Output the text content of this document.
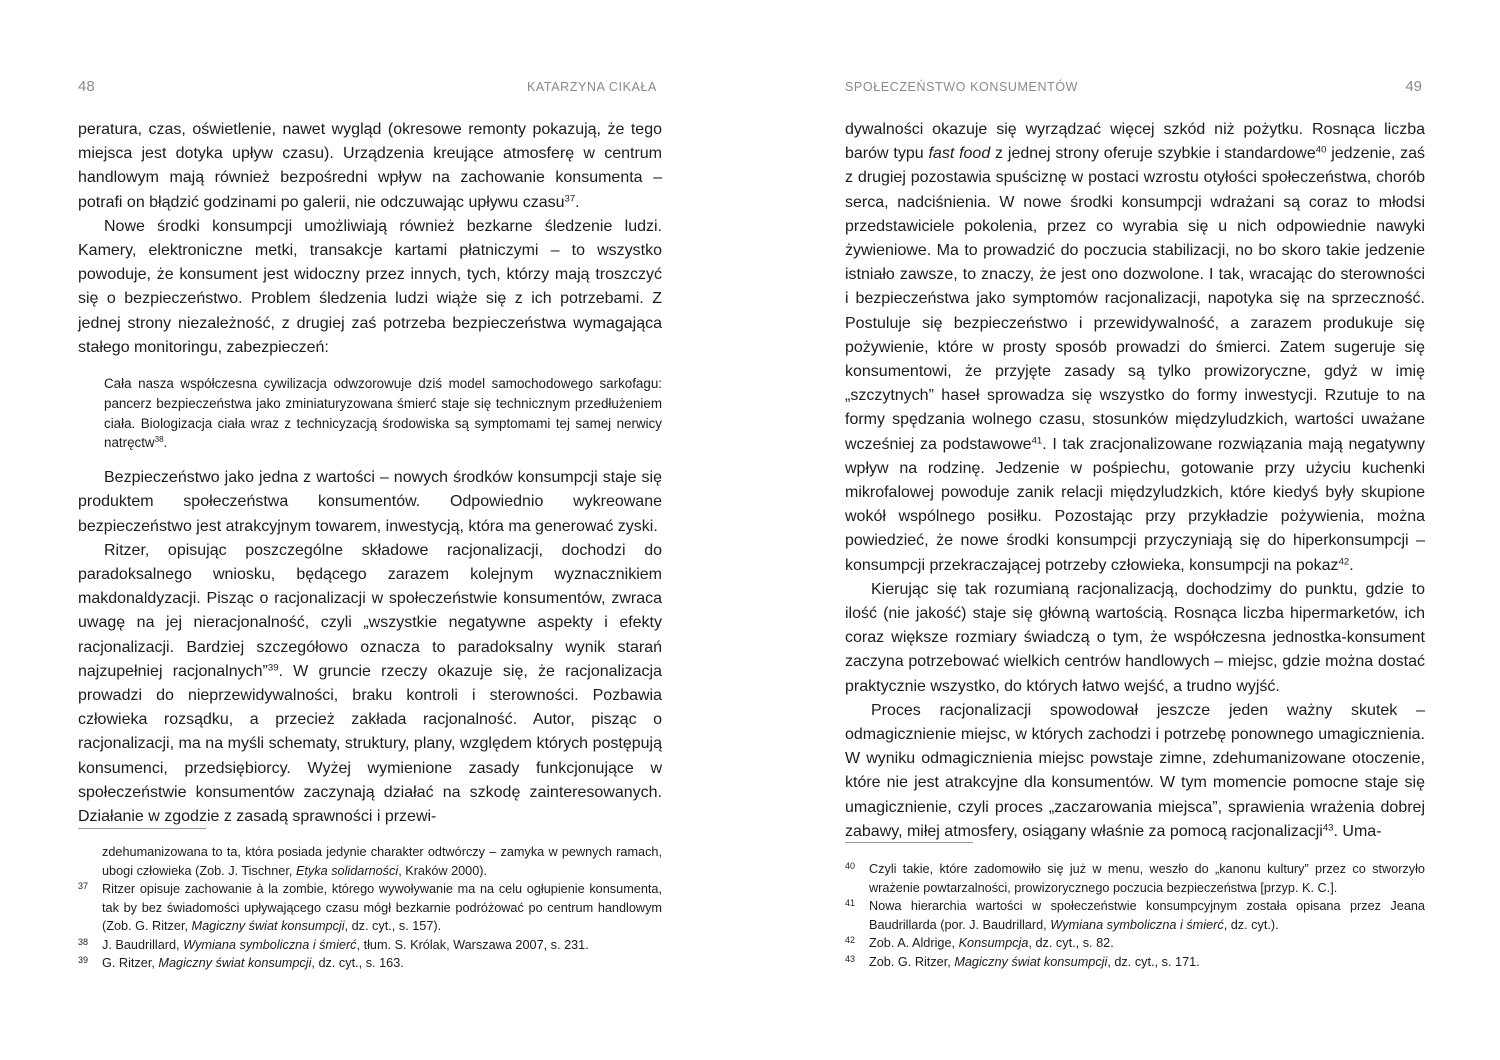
48	KATARZYNA CIKAŁA

peratura, czas, oświetlenie, nawet wygląd (okresowe remonty pokazują, że tego miejsca jest dotyka upływ czasu). Urządzenia kreujące atmosferę w centrum handlowym mają również bezpośredni wpływ na zachowanie konsumenta – potrafi on błądzić godzinami po galerii, nie odczuwając upływu czasu$^{37}$.

Nowe środki konsumpcji umożliwiają również bezkarne śledzenie ludzi. Kamery, elektroniczne metki, transakcje kartami płatniczymi – to wszystko powoduje, że konsument jest widoczny przez innych, tych, którzy mają troszczyć się o bezpieczeństwo. Problem śledzenia ludzi wiąże się z ich potrzebami. Z jednej strony niezależność, z drugiej zaś potrzeba bezpieczeństwa wymagająca stałego monitoringu, zabezpieczeń:

Cała nasza współczesna cywilizacja odwzorowuje dziś model samochodowego sarkofagu: pancerz bezpieczeństwa jako zminiaturyzowana śmierć staje się technicznym przedłużeniem ciała. Biologizacja ciała wraz z technicyzacją środowiska są symptomami tej samej nerwicy natręctw$^{38}$.

Bezpieczeństwo jako jedna z wartości – nowych środków konsumpcji staje się produktem społeczeństwa konsumentów. Odpowiednio wykreowane bezpieczeństwo jest atrakcyjnym towarem, inwestycją, która ma generować zyski.

Ritzer, opisując poszczególne składowe racjonalizacji, dochodzi do paradoksalnego wniosku, będącego zarazem kolejnym wyznacznikiem makdonaldyzacji. Pisząc o racjonalizacji w społeczeństwie konsumentów, zwraca uwagę na jej nieracjonalność, czyli „wszystkie negatywne aspekty i efekty racjonalizacji. Bardziej szczegółowo oznacza to paradoksalny wynik starań najzupełniej racjonalnych”$^{39}$. W gruncie rzeczy okazuje się, że racjonalizacja prowadzi do nieprzewidywalności, braku kontroli i sterowności. Pozbawia człowieka rozsądku, a przecież zakłada racjonalność. Autor, pisząc o racjonalizacji, ma na myśli schematy, struktury, plany, względem których postępują konsumenci, przedsiębiorcy. Wyżej wymienione zasady funkcjonujące w społeczeństwie konsumentów zaczynają działać na szkodę zainteresowanych. Działanie w zgodzie z zasadą sprawności i przewi-

zdehumanizowana to ta, która posiada jedynie charakter odtwórczy – zamyka w pewnych ramach, ubogi człowieka (Zob. J. Tischner, Etyka solidarności, Kraków 2000).
37 Ritzer opisuje zachowanie à la zombie, którego wywoływanie ma na celu ogłupienie konsumenta, tak by bez świadomości upływającego czasu mógł bezkarnie podróżować po centrum handlowym (Zob. G. Ritzer, Magiczny świat konsumpcji, dz. cyt., s. 157).
38 J. Baudrillard, Wymiana symboliczna i śmierć, tłum. S. Królak, Warszawa 2007, s. 231.
39 G. Ritzer, Magiczny świat konsumpcji, dz. cyt., s. 163.
SPOŁECZEŃSTWO KONSUMENTÓW	49

dywalności okazuje się wyrządzać więcej szkód niż pożytku. Rosnąca liczba barów typu fast food z jednej strony oferuje szybkie i standardowe$^{40}$ jedzenie, zaś z drugiej pozostawia spuściznę w postaci wzrostu otyłości społeczeństwa, chorób serca, nadciśnienia. W nowe środki konsumpcji wdrażani są coraz to młodsi przedstawiciele pokolenia, przez co wyrabia się u nich odpowiednie nawyki żywieniowe. Ma to prowadzić do poczucia stabilizacji, no bo skoro takie jedzenie istniało zawsze, to znaczy, że jest ono dozwolone. I tak, wracając do sterowności i bezpieczeństwa jako symptomów racjonalizacji, napotyka się na sprzeczność. Postuluje się bezpieczeństwo i przewidywalność, a zarazem produkuje się pożywienie, które w prosty sposób prowadzi do śmierci. Zatem sugeruje się konsumentowi, że przyjęte zasady są tylko prowizoryczne, gdyż w imię „szczytnych” haseł sprowadza się wszystko do formy inwestycji. Rzutuje to na formy spędzania wolnego czasu, stosunków międzyludzkich, wartości uważane wcześniej za podstawowe$^{41}$. I tak zracjonalizowane rozwiązania mają negatywny wpływ na rodzinę. Jedzenie w pośpiechu, gotowanie przy użyciu kuchenki mikrofalowej powoduje zanik relacji międzyludzkich, które kiedyś były skupione wokół wspólnego posiłku. Pozostając przy przykładzie pożywienia, można powiedzieć, że nowe środki konsumpcji przyczyniają się do hiperkonsumpcji – konsumpcji przekraczającej potrzeby człowieka, konsumpcji na pokaz$^{42}$.

Kierując się tak rozumianą racjonalizacją, dochodzimy do punktu, gdzie to ilość (nie jakość) staje się główną wartością. Rosnąca liczba hipermarketów, ich coraz większe rozmiary świadczą o tym, że współczesna jednostka-konsument zaczyna potrzebować wielkich centrów handlowych – miejsc, gdzie można dostać praktycznie wszystko, do których łatwo wejść, a trudno wyjść.

Proces racjonalizacji spowodował jeszcze jeden ważny skutek – odmagicznienie miejsc, w których zachodzi i potrzebę ponownego umagicznienia. W wyniku odmagicznienia miejsc powstaje zimne, zdehumanizowane otoczenie, które nie jest atrakcyjne dla konsumentów. W tym momencie pomocne staje się umagicznienie, czyli proces „zaczarowania miejsca”, sprawienia wrażenia dobrej zabawy, miłej atmosfery, osiągany właśnie za pomocą racjonalizacji$^{43}$. Uma-

40 Czyli takie, które zadomowiło się już w menu, weszło do „kanonu kultury” przez co stworzyło wrażenie powtarzalności, prowizorycznego poczucia bezpieczeństwa [przyp. K. C.].
41 Nowa hierarchia wartości w społeczeństwie konsumpcyjnym została opisana przez Jeana Baudrillarda (por. J. Baudrillard, Wymiana symboliczna i śmierć, dz. cyt.).
42 Zob. A. Aldrige, Konsumpcja, dz. cyt., s. 82.
43 Zob. G. Ritzer, Magiczny świat konsumpcji, dz. cyt., s. 171.
